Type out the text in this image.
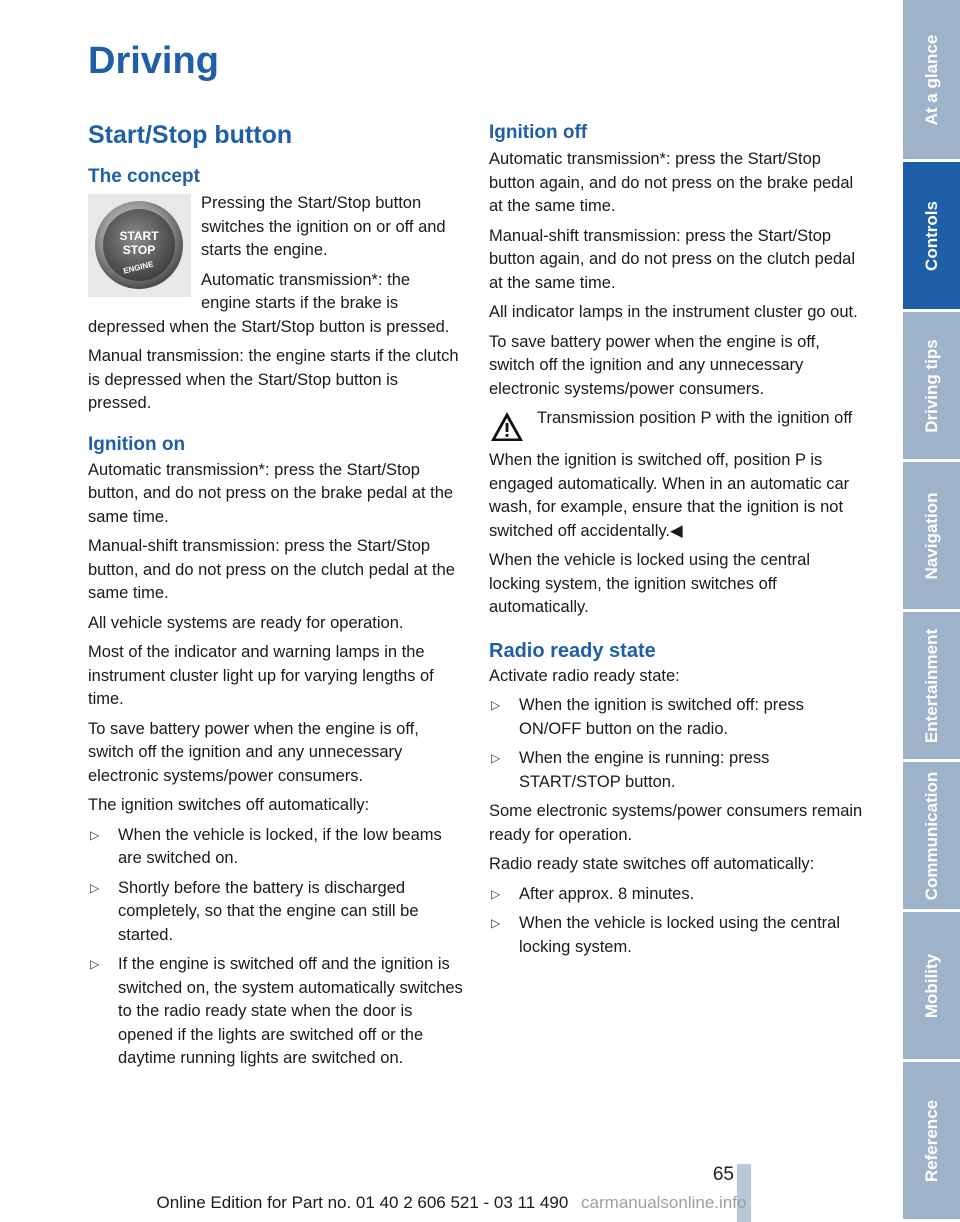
Driving
Start/Stop button
The concept
START
STOP
ENGINE

Pressing the Start/Stop button switches the ignition on or off and starts the engine.

Automatic transmission*: the engine starts if the brake is depressed when the Start/Stop button is pressed.

Manual transmission: the engine starts if the clutch is depressed when the Start/Stop button is pressed.

Ignition on

Automatic transmission*: press the Start/Stop button, and do not press on the brake pedal at the same time.

Manual-shift transmission: press the Start/Stop button, and do not press on the clutch pedal at the same time.

All vehicle systems are ready for operation.

Most of the indicator and warning lamps in the instrument cluster light up for varying lengths of time.

To save battery power when the engine is off, switch off the ignition and any unnecessary electronic systems/power consumers.

The ignition switches off automatically:

▷ When the vehicle is locked, if the low beams are switched on.
▷ Shortly before the battery is discharged completely, so that the engine can still be started.
▷ If the engine is switched off and the ignition is switched on, the system automatically switches to the radio ready state when the door is opened if the lights are switched off or the daytime running lights are switched on.
Ignition off

Automatic transmission*: press the Start/Stop button again, and do not press on the brake pedal at the same time.

Manual-shift transmission: press the Start/Stop button again, and do not press on the clutch pedal at the same time.

All indicator lamps in the instrument cluster go out.

To save battery power when the engine is off, switch off the ignition and any unnecessary electronic systems/power consumers.

Transmission position P with the ignition off

When the ignition is switched off, position P is engaged automatically. When in an automatic car wash, for example, ensure that the ignition is not switched off accidentally.◀

When the vehicle is locked using the central locking system, the ignition switches off automatically.

Radio ready state

Activate radio ready state:

▷ When the ignition is switched off: press ON/OFF button on the radio.
▷ When the engine is running: press START/STOP button.

Some electronic systems/power consumers remain ready for operation.

Radio ready state switches off automatically:

▷ After approx. 8 minutes.
▷ When the vehicle is locked using the central locking system.
At a glance
Controls
Driving tips
Navigation
Entertainment
Communication
Mobility
Reference
65
Online Edition for Part no. 01 40 2 606 521 - 03 11 490 carmanualsonline.info
